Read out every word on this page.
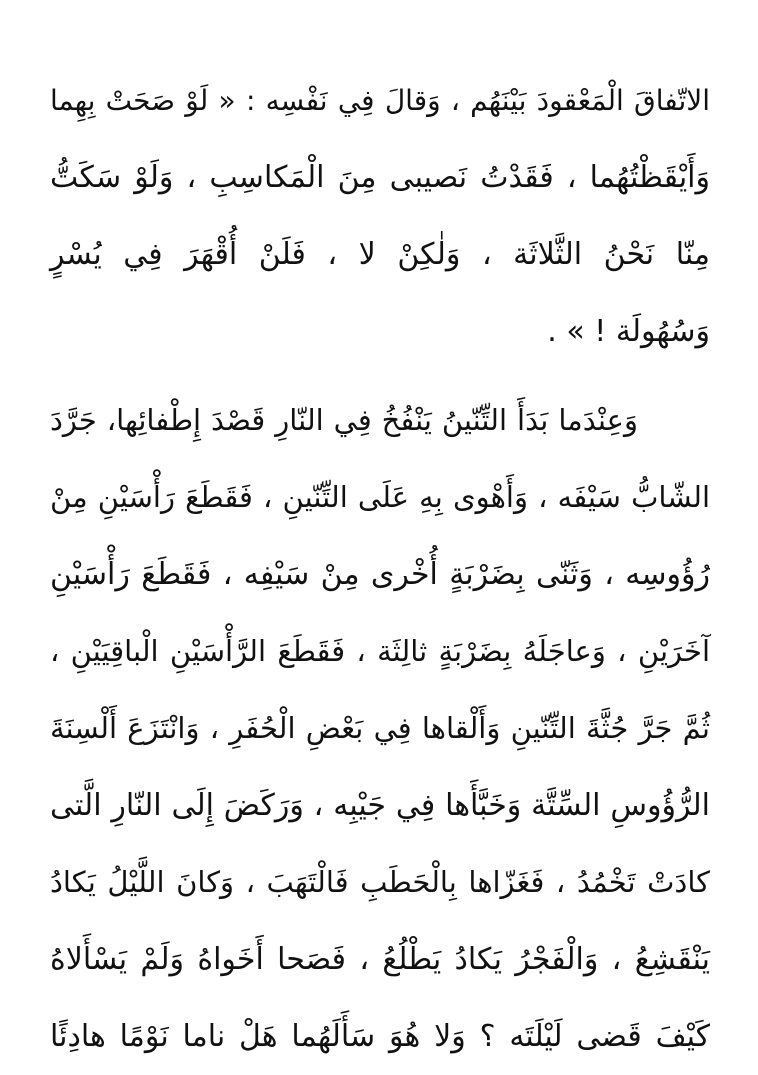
الاتّفاقَ الْمَعْقودَ بَيْنَهُم ، وَقالَ فِي نَفْسِه : « لَوْ صَحَتْ بِهِما
وَأَيْقَظْتُهُما ، فَقَدْتُ نَصيبى مِنَ الْمَكاسِبِ ، وَلَوْ سَكَتُّ
مِنّا نَحْنُ الثَّلاثَة ، وَلٰكِنْ لا ، فَلَنْ أُقْهَرَ فِي يُسْرٍ
وَسُهُولَة ! » .
وَعِنْدَما بَدَأَ التِّنّينُ يَنْفُخُ فِي النّارِ قَصْدَ إِطْفائِها، جَرَّدَ
الشّابُّ سَيْفَه ، وَأَهْوى بِهِ عَلَى التِّنّينِ ، فَقَطَعَ رَأْسَيْنِ مِنْ
رُؤُوسِه ، وَثَنّى بِضَرْبَةٍ أُخْرى مِنْ سَيْفِه ، فَقَطَعَ رَأْسَيْنِ
آخَرَيْنِ ، وَعاجَلَهُ بِضَرْبَةٍ ثالِثَة ، فَقَطَعَ الرَّأْسَيْنِ الْباقِيَيْنِ ،
ثُمَّ جَرَّ جُثَّةَ التِّنّينِ وَأَلْقاها فِي بَعْضِ الْحُفَرِ ، وَانْتَزَعَ أَلْسِنَةَ
الرُّؤُوسِ السِّتَّة وَخَبَّأَها فِي جَيْبِه ، وَرَكَضَ إِلَى النّارِ الَّتى
كادَتْ تَخْمُدُ ، فَغَزّاها بِالْحَطَبِ فَالْتَهَبَ ، وَكانَ اللَّيْلُ يَكادُ
يَنْقَشِعُ ، وَالْفَجْرُ يَكادُ يَطْلُعُ ، فَصَحا أَخَواهُ وَلَمْ يَسْأَلاهُ
كَيْفَ قَضى لَيْلَتَه ؟ وَلا هُوَ سَأَلَهُما هَلْ ناما نَوْمًا هادِئًا
